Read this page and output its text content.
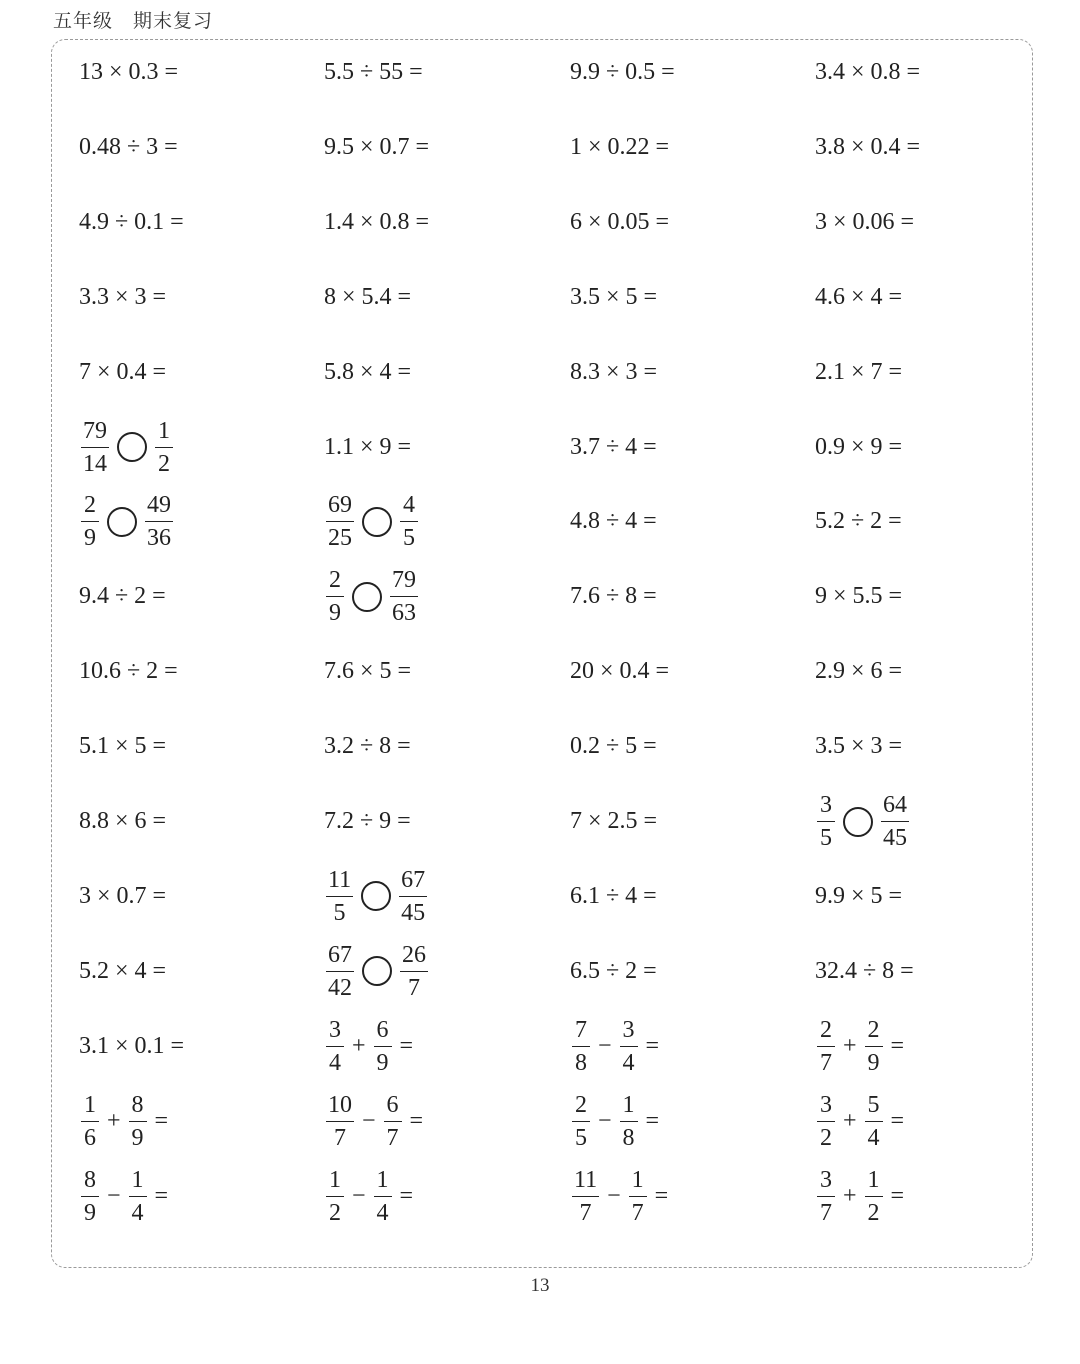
五年级 期末复习
13 × 0.3 =	5.5 ÷ 55 =	9.9 ÷ 0.5 =	3.4 × 0.8 =
0.48 ÷ 3 =	9.5 × 0.7 =	1 × 0.22 =	3.8 × 0.4 =
4.9 ÷ 0.1 =	1.4 × 0.8 =	6 × 0.05 =	3 × 0.06 =
3.3 × 3 =	8 × 5.4 =	3.5 × 5 =	4.6 × 4 =
7 × 0.4 =	5.8 × 4 =	8.3 × 3 =	2.1 × 7 =
$\frac{79}{14} \frac{1}{2}$	1.1 × 9 =	3.7 ÷ 4 =	0.9 × 9 =
$\frac{2}{9} \frac{49}{36}$	$\frac{69}{25} \frac{4}{5}$	4.8 ÷ 4 =	5.2 ÷ 2 =
9.4 ÷ 2 =	$\frac{2}{9} \frac{79}{63}$	7.6 ÷ 8 =	9 × 5.5 =
10.6 ÷ 2 =	7.6 × 5 =	20 × 0.4 =	2.9 × 6 =
5.1 × 5 =	3.2 ÷ 8 =	0.2 ÷ 5 =	3.5 × 3 =
8.8 × 6 =	7.2 ÷ 9 =	7 × 2.5 =	$\frac{3}{5} \frac{64}{45}$
3 × 0.7 =	$\frac{11}{5} \frac{67}{45}$	6.1 ÷ 4 =	9.9 × 5 =
5.2 × 4 =	$\frac{67}{42} \frac{26}{7}$	6.5 ÷ 2 =	32.4 ÷ 8 =
3.1 × 0.1 =	$\frac{3}{4} + \frac{6}{9}$ =	$\frac{7}{8} - \frac{3}{4}$ =	$\frac{2}{7} + \frac{2}{9}$ =
$\frac{1}{6} + \frac{8}{9}$ =	$\frac{10}{7} - \frac{6}{7}$ =	$\frac{2}{5} - \frac{1}{8}$ =	$\frac{3}{2} + \frac{5}{4}$ =
$\frac{8}{9} - \frac{1}{4}$ =	$\frac{1}{2} - \frac{1}{4}$ =	$\frac{11}{7} - \frac{1}{7}$ =	$\frac{3}{7} + \frac{1}{2}$ =
13
